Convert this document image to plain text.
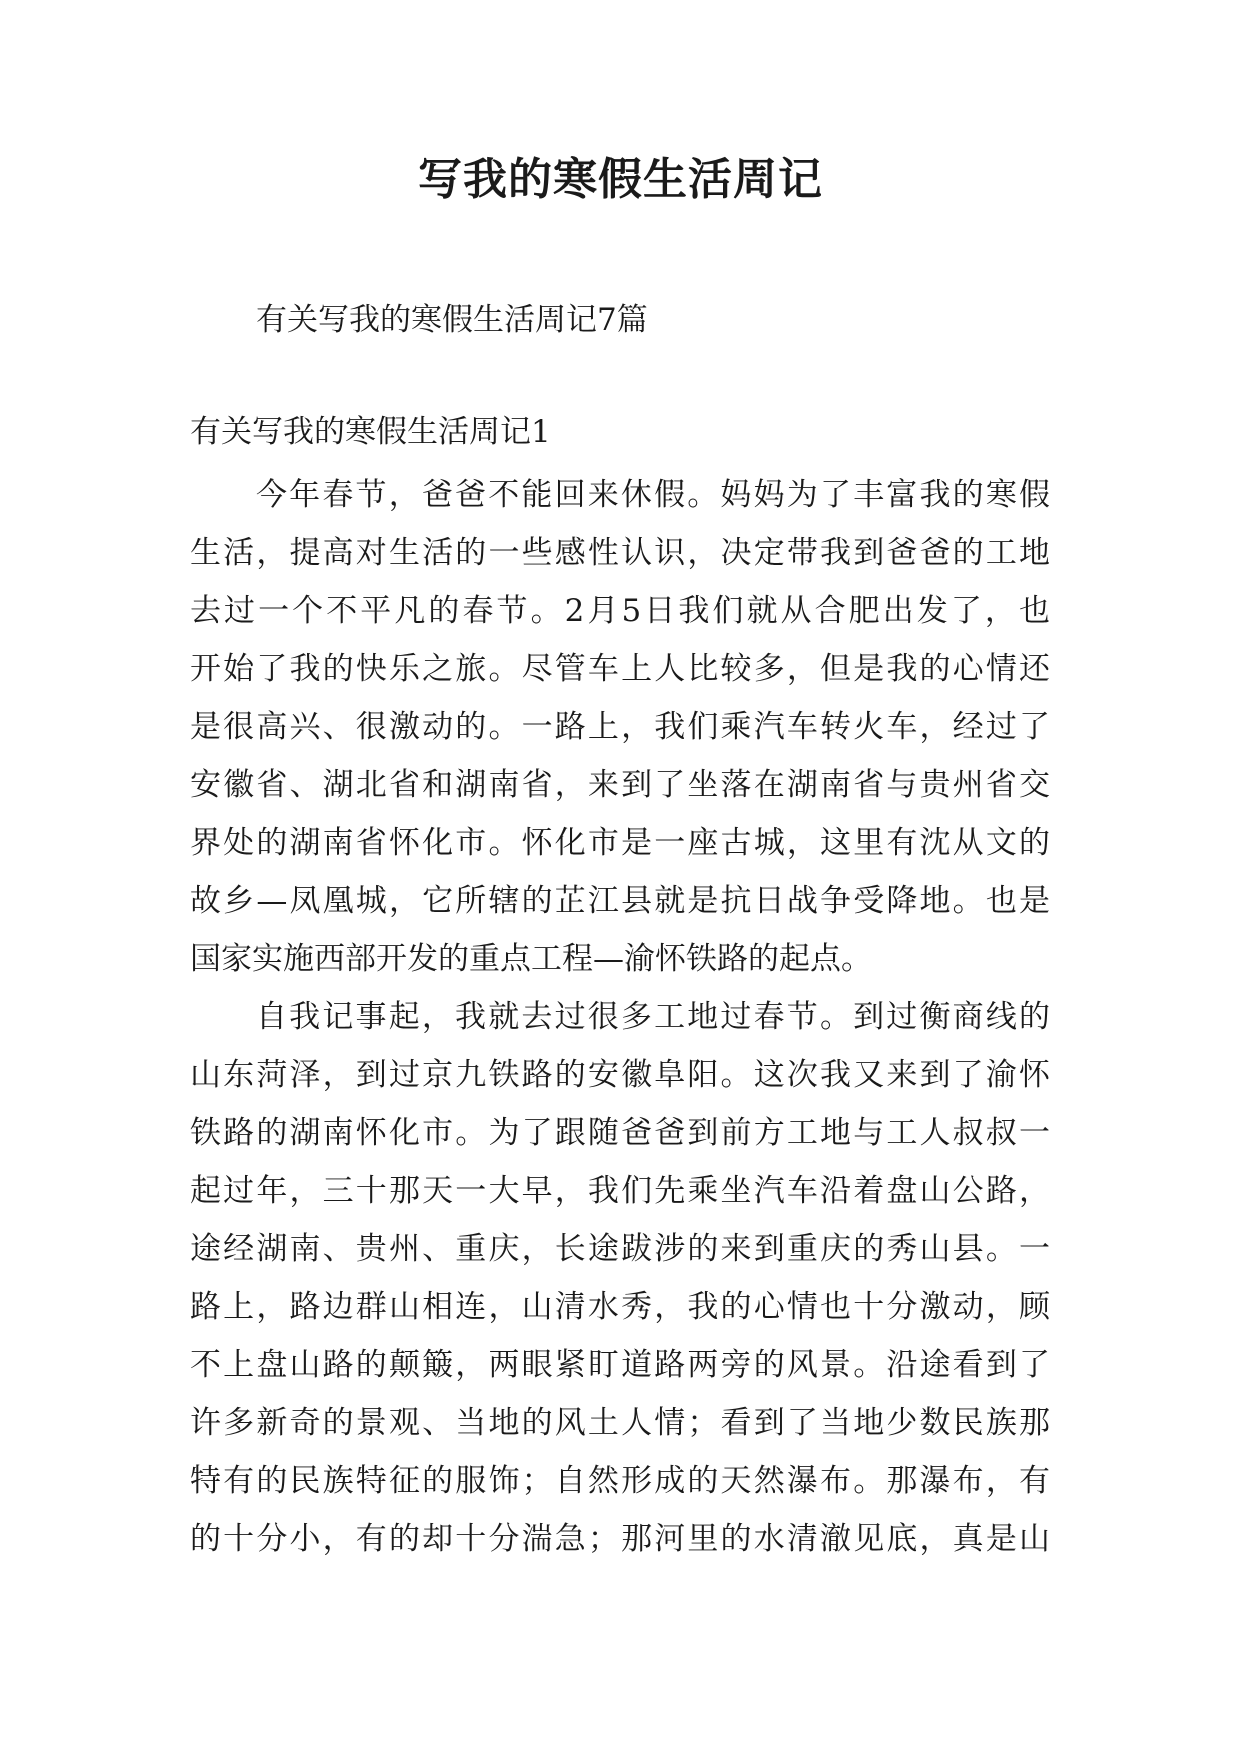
写我的寒假生活周记

有关写我的寒假生活周记7篇

有关写我的寒假生活周记1

今年春节，爸爸不能回来休假。妈妈为了丰富我的寒假
生活，提高对生活的一些感性认识，决定带我到爸爸的工地
去过一个不平凡的春节。2月5日我们就从合肥出发了，也
开始了我的快乐之旅。尽管车上人比较多，但是我的心情还
是很高兴、很激动的。一路上，我们乘汽车转火车，经过了
安徽省、湖北省和湖南省，来到了坐落在湖南省与贵州省交
界处的湖南省怀化市。怀化市是一座古城，这里有沈从文的
故乡—凤凰城，它所辖的芷江县就是抗日战争受降地。也是
国家实施西部开发的重点工程—渝怀铁路的起点。
自我记事起，我就去过很多工地过春节。到过衡商线的
山东菏泽，到过京九铁路的安徽阜阳。这次我又来到了渝怀
铁路的湖南怀化市。为了跟随爸爸到前方工地与工人叔叔一
起过年，三十那天一大早，我们先乘坐汽车沿着盘山公路，
途经湖南、贵州、重庆，长途跋涉的来到重庆的秀山县。一
路上，路边群山相连，山清水秀，我的心情也十分激动，顾
不上盘山路的颠簸，两眼紧盯道路两旁的风景。沿途看到了
许多新奇的景观、当地的风土人情；看到了当地少数民族那
特有的民族特征的服饰；自然形成的天然瀑布。那瀑布，有
的十分小，有的却十分湍急；那河里的水清澈见底，真是山
